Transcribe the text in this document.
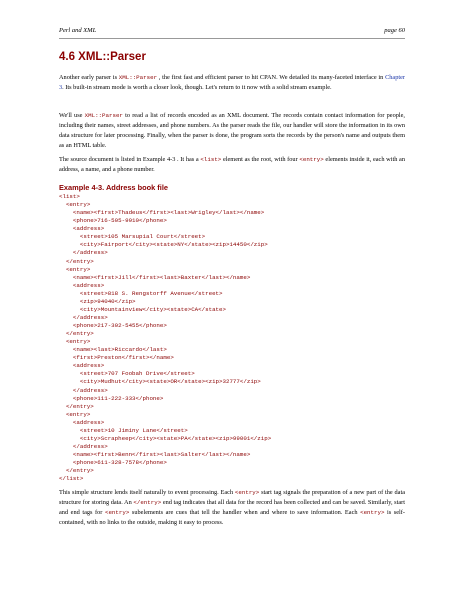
Perl and XML	page 60
4.6 XML::Parser

Another early parser is XML::Parser , the first fast and efficient parser to hit CPAN. We detailed its many-faceted interface in Chapter 3. Its built-in stream mode is worth a closer look, though. Let's return to it now with a solid stream example.

We'll use XML::Parser to read a list of records encoded as an XML document. The records contain contact information for people, including their names, street addresses, and phone numbers. As the parser reads the file, our handler will store the information in its own data structure for later processing. Finally, when the parser is done, the program sorts the records by the person's name and outputs them as an HTML table.

The source document is listed in Example 4-3 . It has a <list> element as the root, with four <entry> elements inside it, each with an address, a name, and a phone number.

Example 4-3. Address book file
<list>
<entry>
<name><first>Thadeus</first><last>Wrigley</last></name>
<phone>716-505-9910</phone>
<address>
<street>105 Marsupial Court</street>
<city>Fairport</city><state>NY</state><zip>14450</zip>
</address>
</entry>
<entry>
<name><first>Jill</first><last>Baxter</last></name>
<address>
<street>818 S. Rengstorff Avenue</street>
<zip>94040</zip>
<city>Mountainview</city><state>CA</state>
</address>
<phone>217-302-5455</phone>
</entry>
<entry>
<name><last>Riccardo</last>
<first>Preston</first></name>
<address>
<street>707 Foobah Drive</street>
<city>Mudhut</city><state>OR</state><zip>32777</zip>
</address>
<phone>111-222-333</phone>
</entry>
<entry>
<address>
<street>10 Jiminy Lane</street>
<city>Scrapheep</city><state>PA</state><zip>99001</zip>
</address>
<name><first>Benn</first><last>Salter</last></name>
<phone>611-328-7578</phone>
</entry>
</list>

This simple structure lends itself naturally to event processing. Each <entry> start tag signals the preparation of a new part of the data structure for storing data. An </entry> end tag indicates that all data for the record has been collected and can be saved. Similarly, start and end tags for <entry> subelements are cues that tell the handler when and where to save information. Each <entry> is self-contained, with no links to the outside, making it easy to process.
